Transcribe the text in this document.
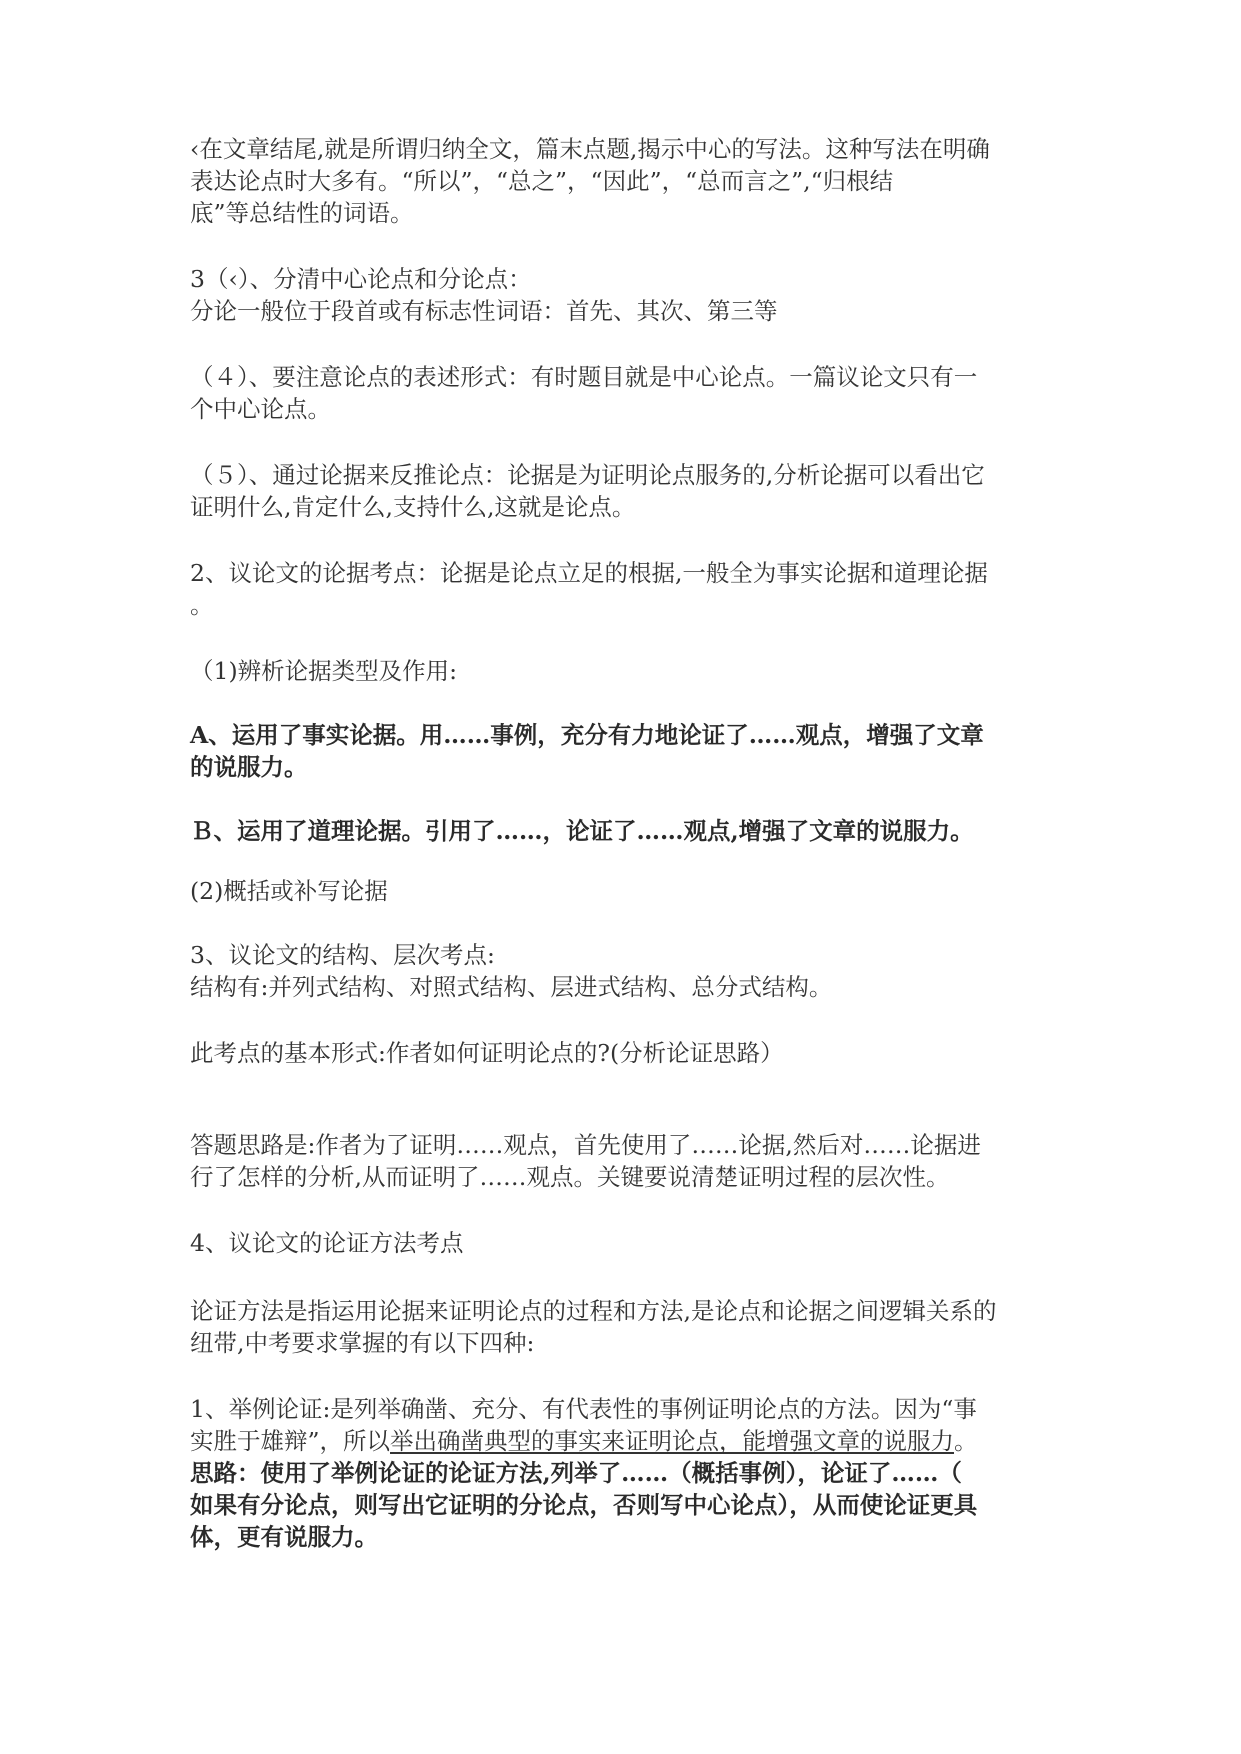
‹在文章结尾,就是所谓归纳全文，篇末点题,揭示中心的写法。这种写法在明确
表达论点时大多有。“所以”，“总之”，“因此”，“总而言之”,“归根结
底”等总结性的词语。
3（‹）、分清中心论点和分论点：
分论一般位于段首或有标志性词语：首先、其次、第三等
（４）、要注意论点的表述形式：有时题目就是中心论点。一篇议论文只有一
个中心论点。
（５）、通过论据来反推论点：论据是为证明论点服务的,分析论据可以看出它
证明什么,肯定什么,支持什么,这就是论点。
2、议论文的论据考点：论据是论点立足的根据,一般全为事实论据和道理论据
。
（1)辨析论据类型及作用:
A、运用了事实论据。用……事例，充分有力地论证了……观点，增强了文章
的说服力。
Ｂ、运用了道理论据。引用了……，论证了……观点,增强了文章的说服力。
(2)概括或补写论据
3、议论文的结构、层次考点:
结构有:并列式结构、对照式结构、层进式结构、总分式结构。
此考点的基本形式:作者如何证明论点的?(分析论证思路）
答题思路是:作者为了证明……观点，首先使用了……论据,然后对……论据进
行了怎样的分析,从而证明了……观点。关键要说清楚证明过程的层次性。
4、议论文的论证方法考点
论证方法是指运用论据来证明论点的过程和方法,是论点和论据之间逻辑关系的
纽带,中考要求掌握的有以下四种:
1、举例论证:是列举确凿、充分、有代表性的事例证明论点的方法。因为“事
实胜于雄辩”，所以举出确凿典型的事实来证明论点，能增强文章的说服力。
思路：使用了举例论证的论证方法,列举了……（概括事例），论证了……（
如果有分论点，则写出它证明的分论点，否则写中心论点），从而使论证更具
体，更有说服力。
